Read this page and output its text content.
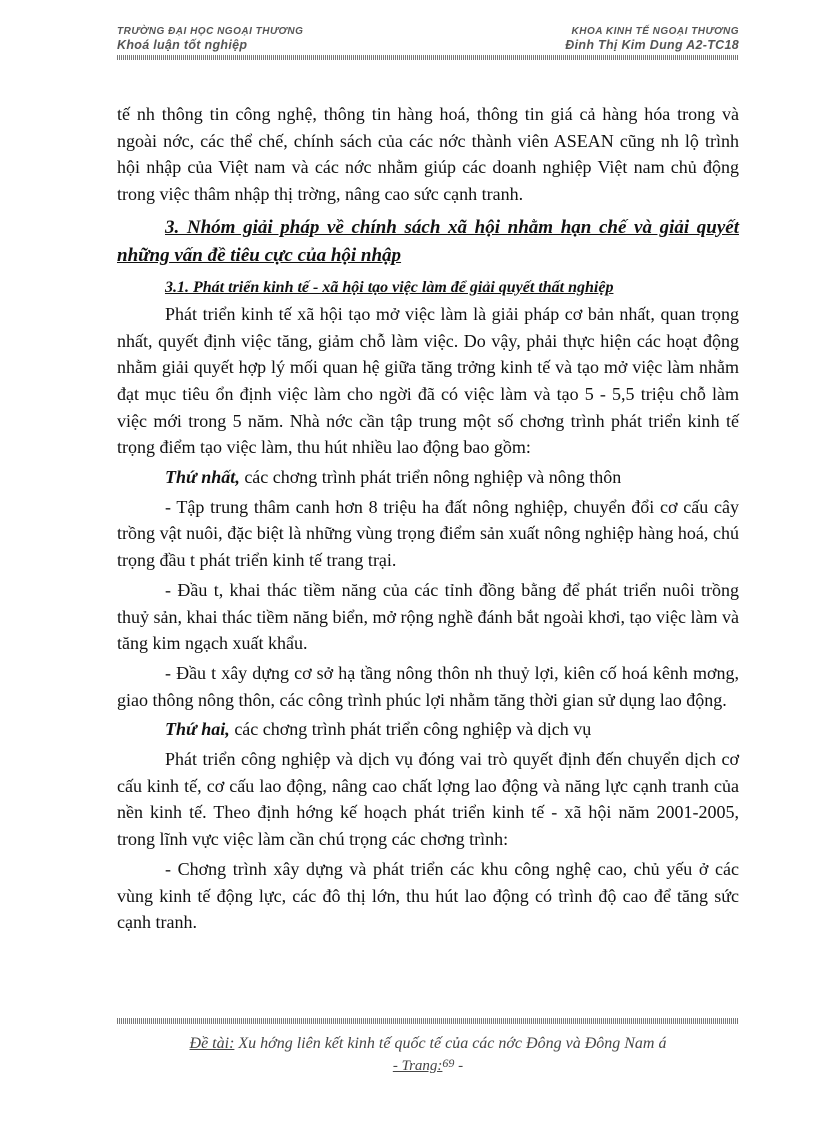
TRƯỜNG ĐẠI HỌC NGOẠI THƯƠNG
Khoá luận tốt nghiệp
KHOA KINH TẾ NGOẠI THƯƠNG
Đinh Thị Kim Dung A2-TC18

tế nh thông tin công nghệ, thông tin hàng hoá, thông tin giá cả hàng hóa trong và ngoài nớc, các thể chế, chính sách của các nớc thành viên ASEAN cũng nh lộ trình hội nhập của Việt nam và các nớc nhằm giúp các doanh nghiệp Việt nam chủ động trong việc thâm nhập thị trờng, nâng cao sức cạnh tranh.

3. Nhóm giải pháp về chính sách xã hội nhằm hạn chế và giải quyết những vấn đề tiêu cực của hội nhập

3.1. Phát triển kinh tế - xã hội tạo việc làm để giải quyết thất nghiệp

Phát triển kinh tế xã hội tạo mở việc làm là giải pháp cơ bản nhất, quan trọng nhất, quyết định việc tăng, giảm chỗ làm việc. Do vậy, phải thực hiện các hoạt động nhằm giải quyết hợp lý mối quan hệ giữa tăng trởng kinh tế và tạo mở việc làm nhằm đạt mục tiêu ổn định việc làm cho ngời đã có việc làm và tạo 5 - 5,5 triệu chỗ làm việc mới trong 5 năm. Nhà nớc cần tập trung một số chơng trình phát triển kinh tế trọng điểm tạo việc làm, thu hút nhiều lao động bao gồm:

Thứ nhất, các chơng trình phát triển nông nghiệp và nông thôn

- Tập trung thâm canh hơn 8 triệu ha đất nông nghiệp, chuyển đổi cơ cấu cây trồng vật nuôi, đặc biệt là những vùng trọng điểm sản xuất nông nghiệp hàng hoá, chú trọng đầu t phát triển kinh tế trang trại.

- Đầu t, khai thác tiềm năng của các tỉnh đồng bằng để phát triển nuôi trồng thuỷ sản, khai thác tiềm năng biển, mở rộng nghề đánh bắt ngoài khơi, tạo việc làm và tăng kim ngạch xuất khẩu.

- Đầu t xây dựng cơ sở hạ tầng nông thôn nh thuỷ lợi, kiên cố hoá kênh mơng, giao thông nông thôn, các công trình phúc lợi nhằm tăng thời gian sử dụng lao động.

Thứ hai, các chơng trình phát triển công nghiệp và dịch vụ

Phát triển công nghiệp và dịch vụ đóng vai trò quyết định đến chuyển dịch cơ cấu kinh tế, cơ cấu lao động, nâng cao chất lợng lao động và năng lực cạnh tranh của nền kinh tế. Theo định hớng kế hoạch phát triển kinh tế - xã hội năm 2001-2005, trong lĩnh vực việc làm cần chú trọng các chơng trình:

- Chơng trình xây dựng và phát triển các khu công nghệ cao, chủ yếu ở các vùng kinh tế động lực, các đô thị lớn, thu hút lao động có trình độ cao để tăng sức cạnh tranh.

Đề tài: Xu hớng liên kết kinh tế quốc tế của các nớc Đông và Đông Nam á
- Trang:$^{69}$ -
